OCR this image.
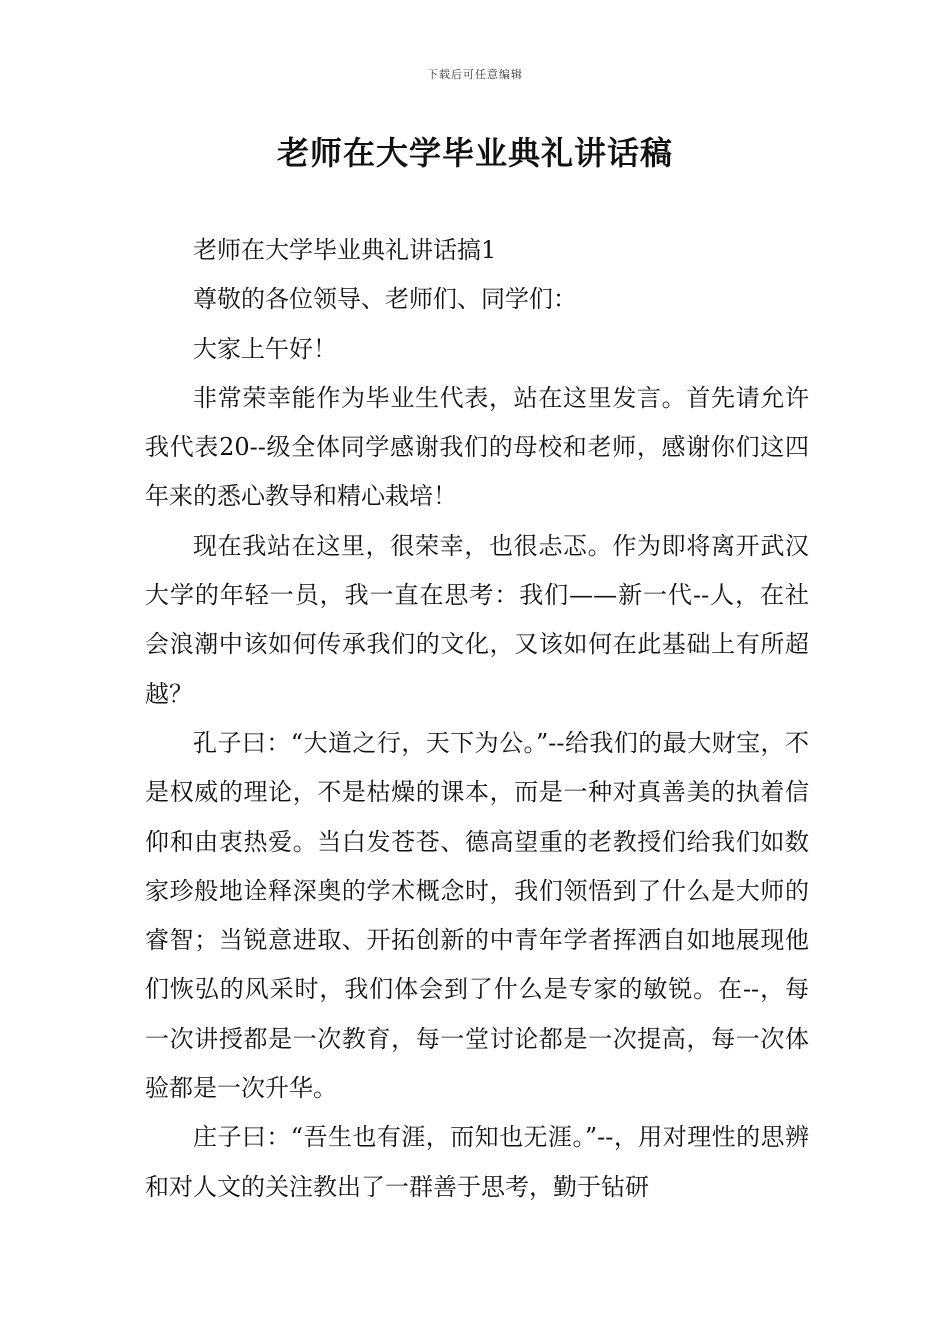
下载后可任意编辑
老师在大学毕业典礼讲话稿

老师在大学毕业典礼讲话搞1

尊敬的各位领导、老师们、同学们：

大家上午好！

非常荣幸能作为毕业生代表，站在这里发言。首先请允许我代表20--级全体同学感谢我们的母校和老师，感谢你们这四年来的悉心教导和精心栽培！

现在我站在这里，很荣幸，也很忐忑。作为即将离开武汉大学的年轻一员，我一直在思考：我们——新一代--人，在社会浪潮中该如何传承我们的文化，又该如何在此基础上有所超越？

孔子曰：“大道之行，天下为公。”--给我们的最大财宝，不是权威的理论，不是枯燥的课本，而是一种对真善美的执着信仰和由衷热爱。当白发苍苍、德高望重的老教授们给我们如数家珍般地诠释深奥的学术概念时，我们领悟到了什么是大师的睿智；当锐意进取、开拓创新的中青年学者挥洒自如地展现他们恢弘的风采时，我们体会到了什么是专家的敏锐。在--，每一次讲授都是一次教育，每一堂讨论都是一次提高，每一次体验都是一次升华。

庄子曰：“吾生也有涯，而知也无涯。”--，用对理性的思辨和对人文的关注教出了一群善于思考，勤于钻研
